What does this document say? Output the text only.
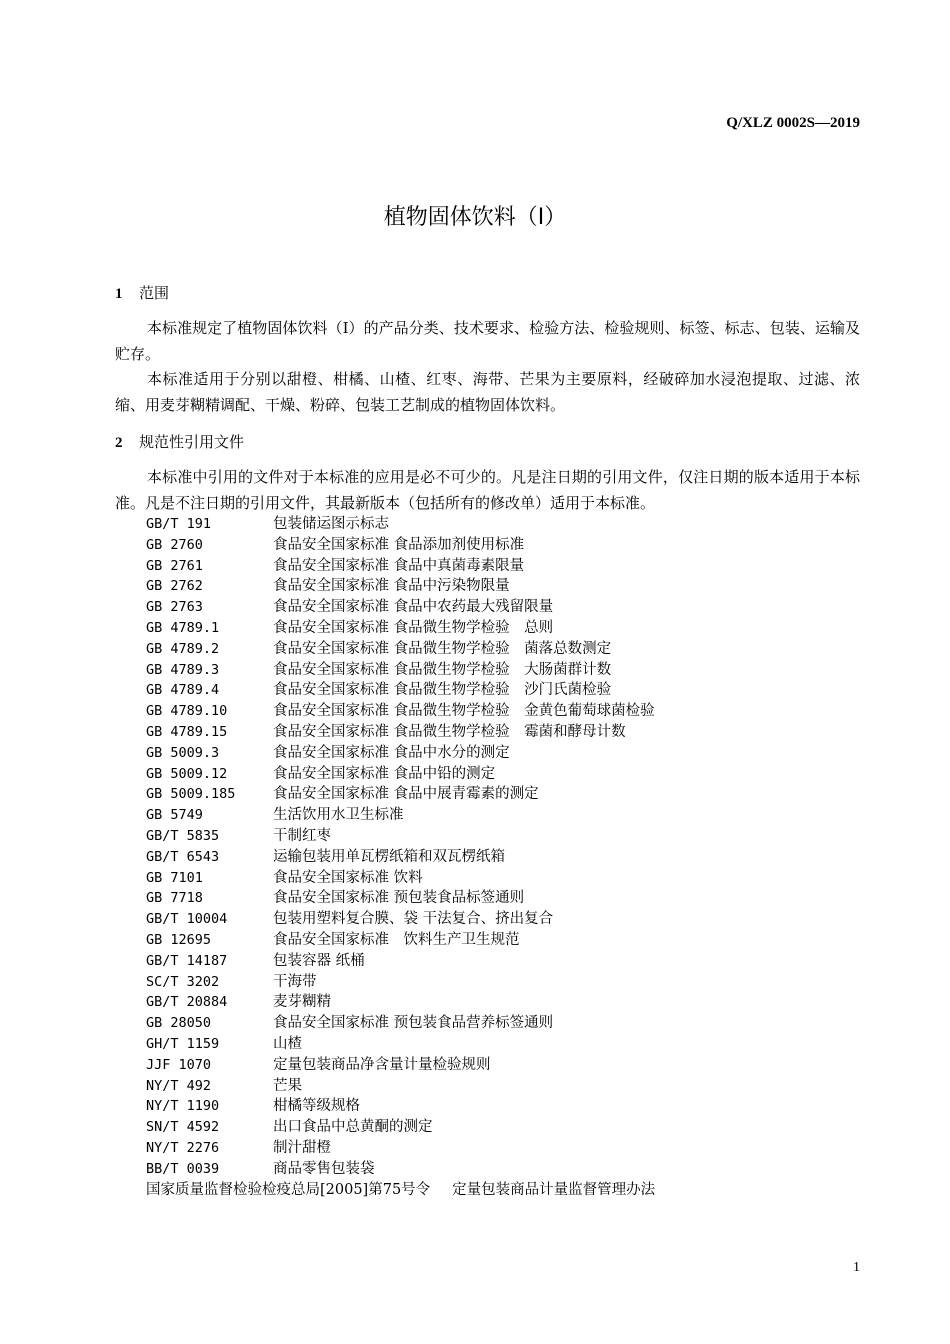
Q/XLZ 0002S—2019
植物固体饮料（Ⅰ）
1 范围
本标准规定了植物固体饮料（Ⅰ）的产品分类、技术要求、检验方法、检验规则、标签、标志、包装、运输及贮存。
本标准适用于分别以甜橙、柑橘、山楂、红枣、海带、芒果为主要原料，经破碎加水浸泡提取、过滤、浓缩、用麦芽糊精调配、干燥、粉碎、包装工艺制成的植物固体饮料。
2 规范性引用文件
本标准中引用的文件对于本标准的应用是必不可少的。凡是注日期的引用文件，仅注日期的版本适用于本标准。凡是不注日期的引用文件，其最新版本（包括所有的修改单）适用于本标准。
GB/T 191	包装储运图示标志
GB 2760	食品安全国家标准 食品添加剂使用标准
GB 2761	食品安全国家标准 食品中真菌毒素限量
GB 2762	食品安全国家标准 食品中污染物限量
GB 2763	食品安全国家标准 食品中农药最大残留限量
GB 4789.1	食品安全国家标准 食品微生物学检验　总则
GB 4789.2	食品安全国家标准 食品微生物学检验　菌落总数测定
GB 4789.3	食品安全国家标准 食品微生物学检验　大肠菌群计数
GB 4789.4	食品安全国家标准 食品微生物学检验　沙门氏菌检验
GB 4789.10	食品安全国家标准 食品微生物学检验　金黄色葡萄球菌检验
GB 4789.15	食品安全国家标准 食品微生物学检验　霉菌和酵母计数
GB 5009.3	食品安全国家标准 食品中水分的测定
GB 5009.12	食品安全国家标准 食品中铅的测定
GB 5009.185	食品安全国家标准 食品中展青霉素的测定
GB 5749	生活饮用水卫生标准
GB/T 5835	干制红枣
GB/T 6543	运输包装用单瓦楞纸箱和双瓦楞纸箱
GB 7101	食品安全国家标准 饮料
GB 7718	食品安全国家标准 预包装食品标签通则
GB/T 10004	包装用塑料复合膜、袋 干法复合、挤出复合
GB 12695	食品安全国家标准　饮料生产卫生规范
GB/T 14187	包装容器 纸桶
SC/T 3202	干海带
GB/T 20884	麦芽糊精
GB 28050	食品安全国家标准 预包装食品营养标签通则
GH/T 1159	山楂
JJF 1070	定量包装商品净含量计量检验规则
NY/T 492	芒果
NY/T 1190	柑橘等级规格
SN/T 4592	出口食品中总黄酮的测定
NY/T 2276	制汁甜橙
BB/T 0039	商品零售包装袋
国家质量监督检验检疫总局[2005]第75号令 定量包装商品计量监督管理办法
1
